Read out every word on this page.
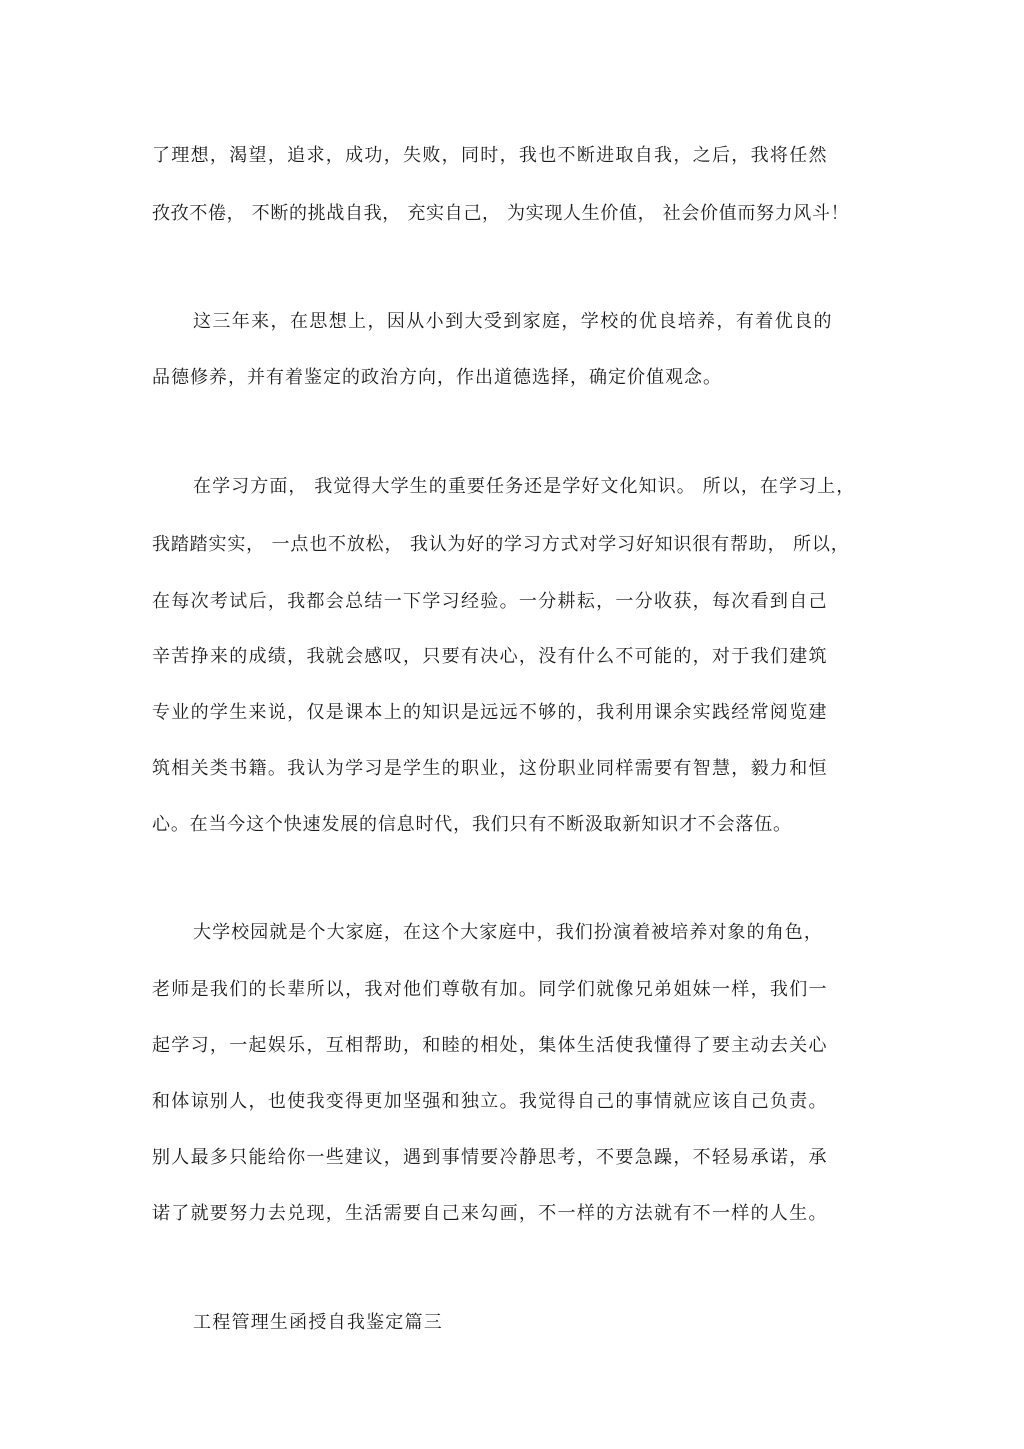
了理想，渴望，追求，成功，失败，同时，我也不断进取自我，之后，我将任然
孜孜不倦， 不断的挑战自我， 充实自己， 为实现人生价值， 社会价值而努力风斗！
这三年来，在思想上，因从小到大受到家庭，学校的优良培养，有着优良的
品德修养，并有着鉴定的政治方向，作出道德选择，确定价值观念。
在学习方面， 我觉得大学生的重要任务还是学好文化知识。 所以，在学习上，
我踏踏实实， 一点也不放松， 我认为好的学习方式对学习好知识很有帮助， 所以，
在每次考试后，我都会总结一下学习经验。一分耕耘，一分收获，每次看到自己
辛苦挣来的成绩，我就会感叹，只要有决心，没有什么不可能的，对于我们建筑
专业的学生来说，仅是课本上的知识是远远不够的，我利用课余实践经常阅览建
筑相关类书籍。我认为学习是学生的职业，这份职业同样需要有智慧，毅力和恒
心。在当今这个快速发展的信息时代，我们只有不断汲取新知识才不会落伍。
大学校园就是个大家庭，在这个大家庭中，我们扮演着被培养对象的角色，
老师是我们的长辈所以，我对他们尊敬有加。同学们就像兄弟姐妹一样，我们一
起学习，一起娱乐，互相帮助，和睦的相处，集体生活使我懂得了要主动去关心
和体谅别人，也使我变得更加坚强和独立。我觉得自己的事情就应该自己负责。
别人最多只能给你一些建议，遇到事情要冷静思考，不要急躁，不轻易承诺，承
诺了就要努力去兑现，生活需要自己来勾画，不一样的方法就有不一样的人生。
工程管理生函授自我鉴定篇三
